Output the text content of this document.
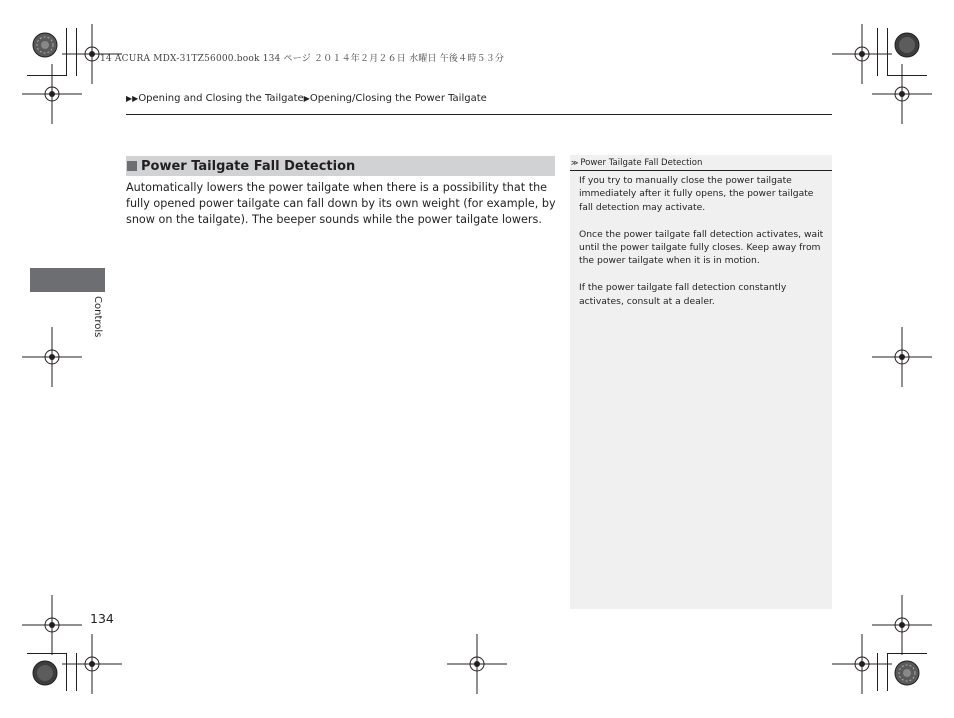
14 ACURA MDX-31TZ56000.book 134 ページ ２０１４年２月２６日 水曜日 午後４時５３分
▶▶Opening and Closing the Tailgate▶Opening/Closing the Power Tailgate
Power Tailgate Fall Detection
Automatically lowers the power tailgate when there is a possibility that the fully opened power tailgate can fall down by its own weight (for example, by snow on the tailgate). The beeper sounds while the power tailgate lowers.
≫ Power Tailgate Fall Detection

If you try to manually close the power tailgate immediately after it fully opens, the power tailgate fall detection may activate.

Once the power tailgate fall detection activates, wait until the power tailgate fully closes. Keep away from the power tailgate when it is in motion.

If the power tailgate fall detection constantly activates, consult at a dealer.

Controls
134
